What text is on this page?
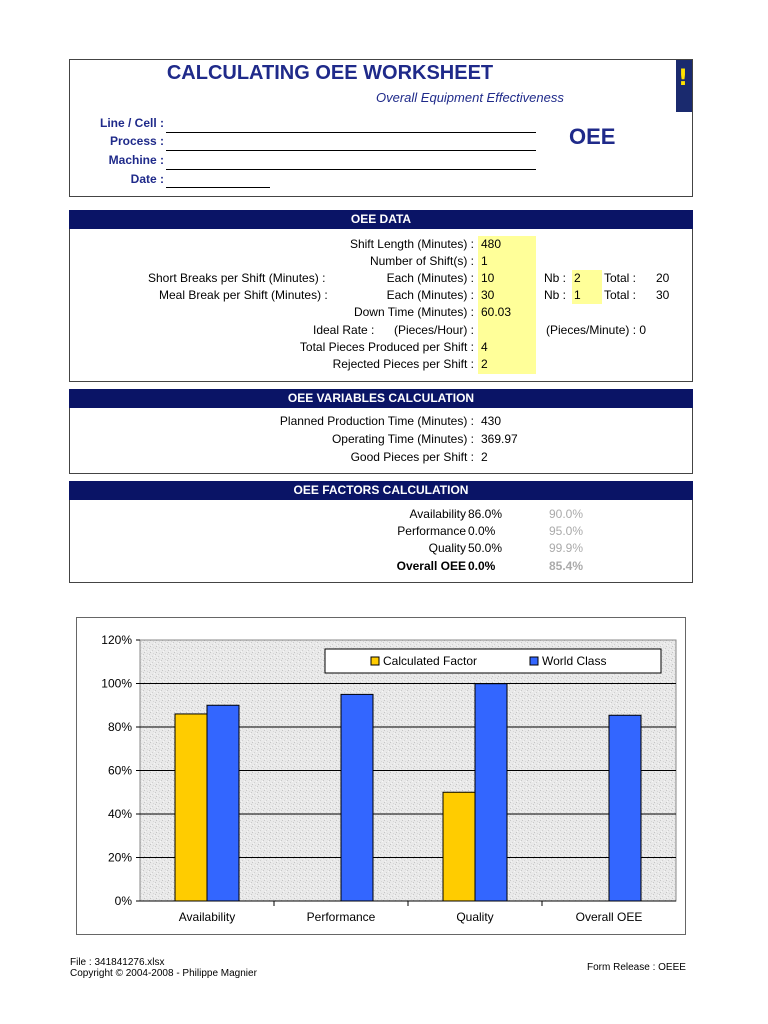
CALCULATING OEE WORKSHEET
Overall Equipment Effectiveness
OEE
!
Line / Cell :
Process :
Machine :
Date :
OEE DATA
Shift Length (Minutes) : 480
Number of Shift(s) : 1
Short Breaks per Shift (Minutes) :	Each (Minutes) : 10	Nb : 2 Total : 20
Meal Break per Shift (Minutes) :	Each (Minutes) : 30	Nb : 1 Total : 30
Down Time (Minutes) : 60.03
Ideal Rate : (Pieces/Hour) :	(Pieces/Minute) : 0
Total Pieces Produced per Shift : 4
Rejected Pieces per Shift : 2
OEE VARIABLES CALCULATION
Planned Production Time (Minutes) : 430
Operating Time (Minutes) : 369.97
Good Pieces per Shift : 2
OEE FACTORS CALCULATION
Availability 86.0%	90.0%
Performance 0.0%	95.0%
Quality 50.0%	99.9%
Overall OEE 0.0%	85.4%
0%
20%
40%
60%
80%
100%
120%
Availability	Performance	Quality	Overall OEE
Calculated Factor	World Class
File : 341841276.xlsx
Copyright © 2004-2008 - Philippe Magnier
Form Release : OEEE
